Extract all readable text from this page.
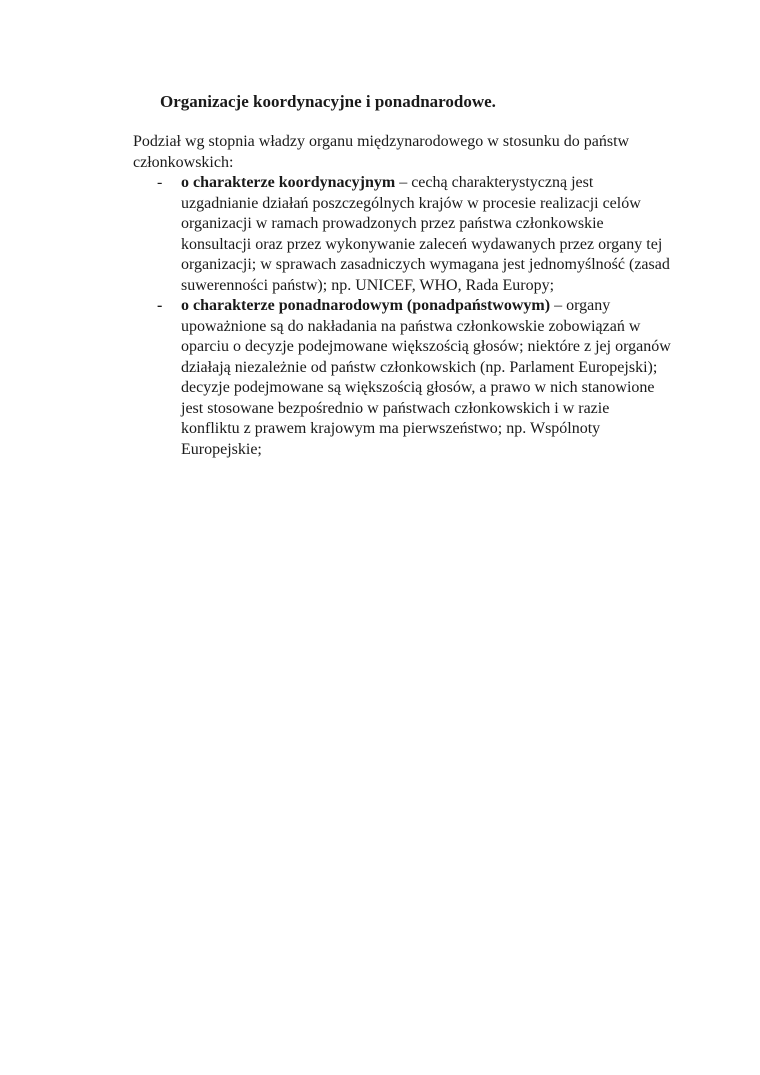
Organizacje koordynacyjne i ponadnarodowe.

Podział wg stopnia władzy organu międzynarodowego w stosunku do państw członkowskich:

- o charakterze koordynacyjnym – cechą charakterystyczną jest uzgadnianie działań poszczególnych krajów w procesie realizacji celów organizacji w ramach prowadzonych przez państwa członkowskie konsultacji oraz przez wykonywanie zaleceń wydawanych przez organy tej organizacji; w sprawach zasadniczych wymagana jest jednomyślność (zasad suwerenności państw); np. UNICEF, WHO, Rada Europy;
- o charakterze ponadnarodowym (ponadpaństwowym) – organy upoważnione są do nakładania na państwa członkowskie zobowiązań w oparciu o decyzje podejmowane większością głosów; niektóre z jej organów działają niezależnie od państw członkowskich (np. Parlament Europejski); decyzje podejmowane są większością głosów, a prawo w nich stanowione jest stosowane bezpośrednio w państwach członkowskich i w razie konfliktu z prawem krajowym ma pierwszeństwo; np. Wspólnoty Europejskie;
